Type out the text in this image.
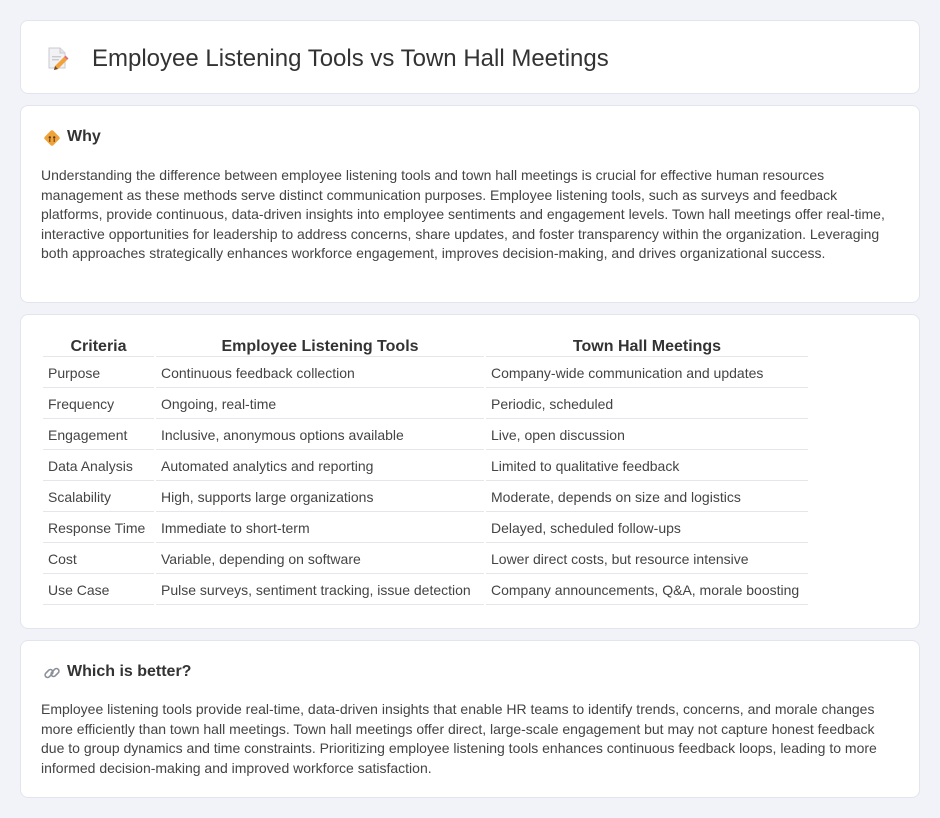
Employee Listening Tools vs Town Hall Meetings
Why

Understanding the difference between employee listening tools and town hall meetings is crucial for effective human resources management as these methods serve distinct communication purposes. Employee listening tools, such as surveys and feedback platforms, provide continuous, data-driven insights into employee sentiments and engagement levels. Town hall meetings offer real-time, interactive opportunities for leadership to address concerns, share updates, and foster transparency within the organization. Leveraging both approaches strategically enhances workforce engagement, improves decision-making, and drives organizational success.

Criteria	Employee Listening Tools	Town Hall Meetings
Purpose	Continuous feedback collection	Company-wide communication and updates
Frequency	Ongoing, real-time	Periodic, scheduled
Engagement	Inclusive, anonymous options available	Live, open discussion
Data Analysis	Automated analytics and reporting	Limited to qualitative feedback
Scalability	High, supports large organizations	Moderate, depends on size and logistics
Response Time	Immediate to short-term	Delayed, scheduled follow-ups
Cost	Variable, depending on software	Lower direct costs, but resource intensive
Use Case	Pulse surveys, sentiment tracking, issue detection	Company announcements, Q&A, morale boosting
Which is better?

Employee listening tools provide real-time, data-driven insights that enable HR teams to identify trends, concerns, and morale changes more efficiently than town hall meetings. Town hall meetings offer direct, large-scale engagement but may not capture honest feedback due to group dynamics and time constraints. Prioritizing employee listening tools enhances continuous feedback loops, leading to more informed decision-making and improved workforce satisfaction.
